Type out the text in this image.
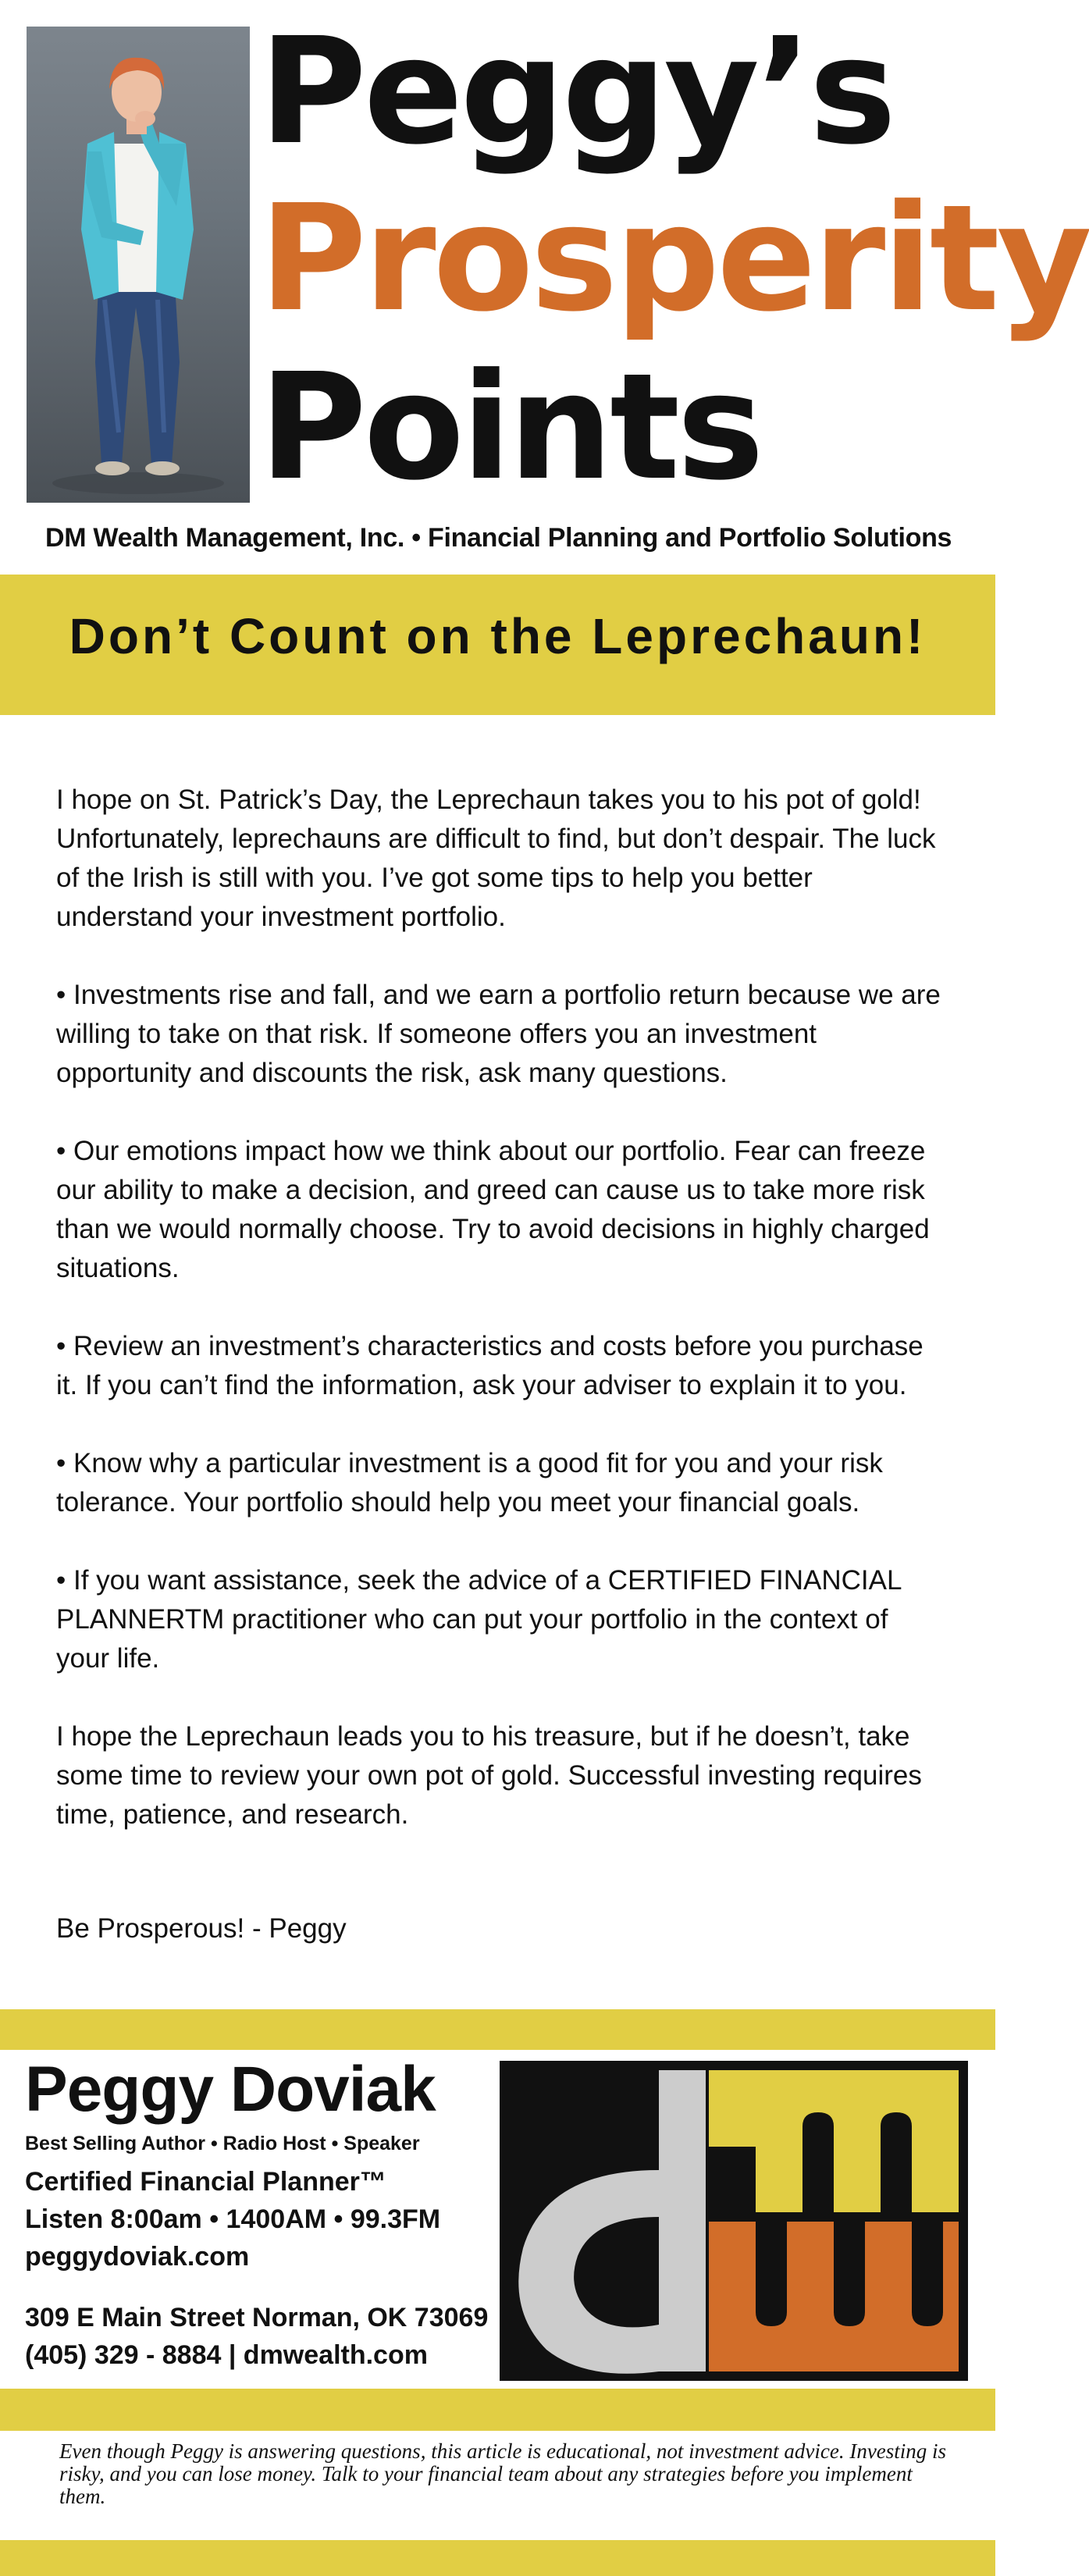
Peggy’s
Prosperity
Points
DM Wealth Management, Inc. • Financial Planning and Portfolio Solutions
Don’t Count on the Leprechaun!

I hope on St. Patrick’s Day, the Leprechaun takes you to his pot of gold! Unfortunately, leprechauns are difficult to find, but don’t despair. The luck of the Irish is still with you. I’ve got some tips to help you better understand your investment portfolio.

• Investments rise and fall, and we earn a portfolio return because we are willing to take on that risk. If someone offers you an investment opportunity and discounts the risk, ask many questions.

• Our emotions impact how we think about our portfolio. Fear can freeze our ability to make a decision, and greed can cause us to take more risk than we would normally choose. Try to avoid decisions in highly charged situations.

• Review an investment’s characteristics and costs before you purchase it. If you can’t find the information, ask your adviser to explain it to you.

• Know why a particular investment is a good fit for you and your risk tolerance. Your portfolio should help you meet your financial goals.

• If you want assistance, seek the advice of a CERTIFIED FINANCIAL PLANNERTM practitioner who can put your portfolio in the context of your life.

I hope the Leprechaun leads you to his treasure, but if he doesn’t, take some time to review your own pot of gold. Successful investing requires time, patience, and research.

Be Prosperous! - Peggy

Peggy Doviak
Best Selling Author • Radio Host • Speaker
Certified Financial Planner™
Listen 8:00am • 1400AM • 99.3FM
peggydoviak.com
309 E Main Street Norman, OK 73069
(405) 329 - 8884 | dmwealth.com
Even though Peggy is answering questions, this article is educational, not investment advice. Investing is risky, and you can lose money. Talk to your financial team about any strategies before you implement them.
